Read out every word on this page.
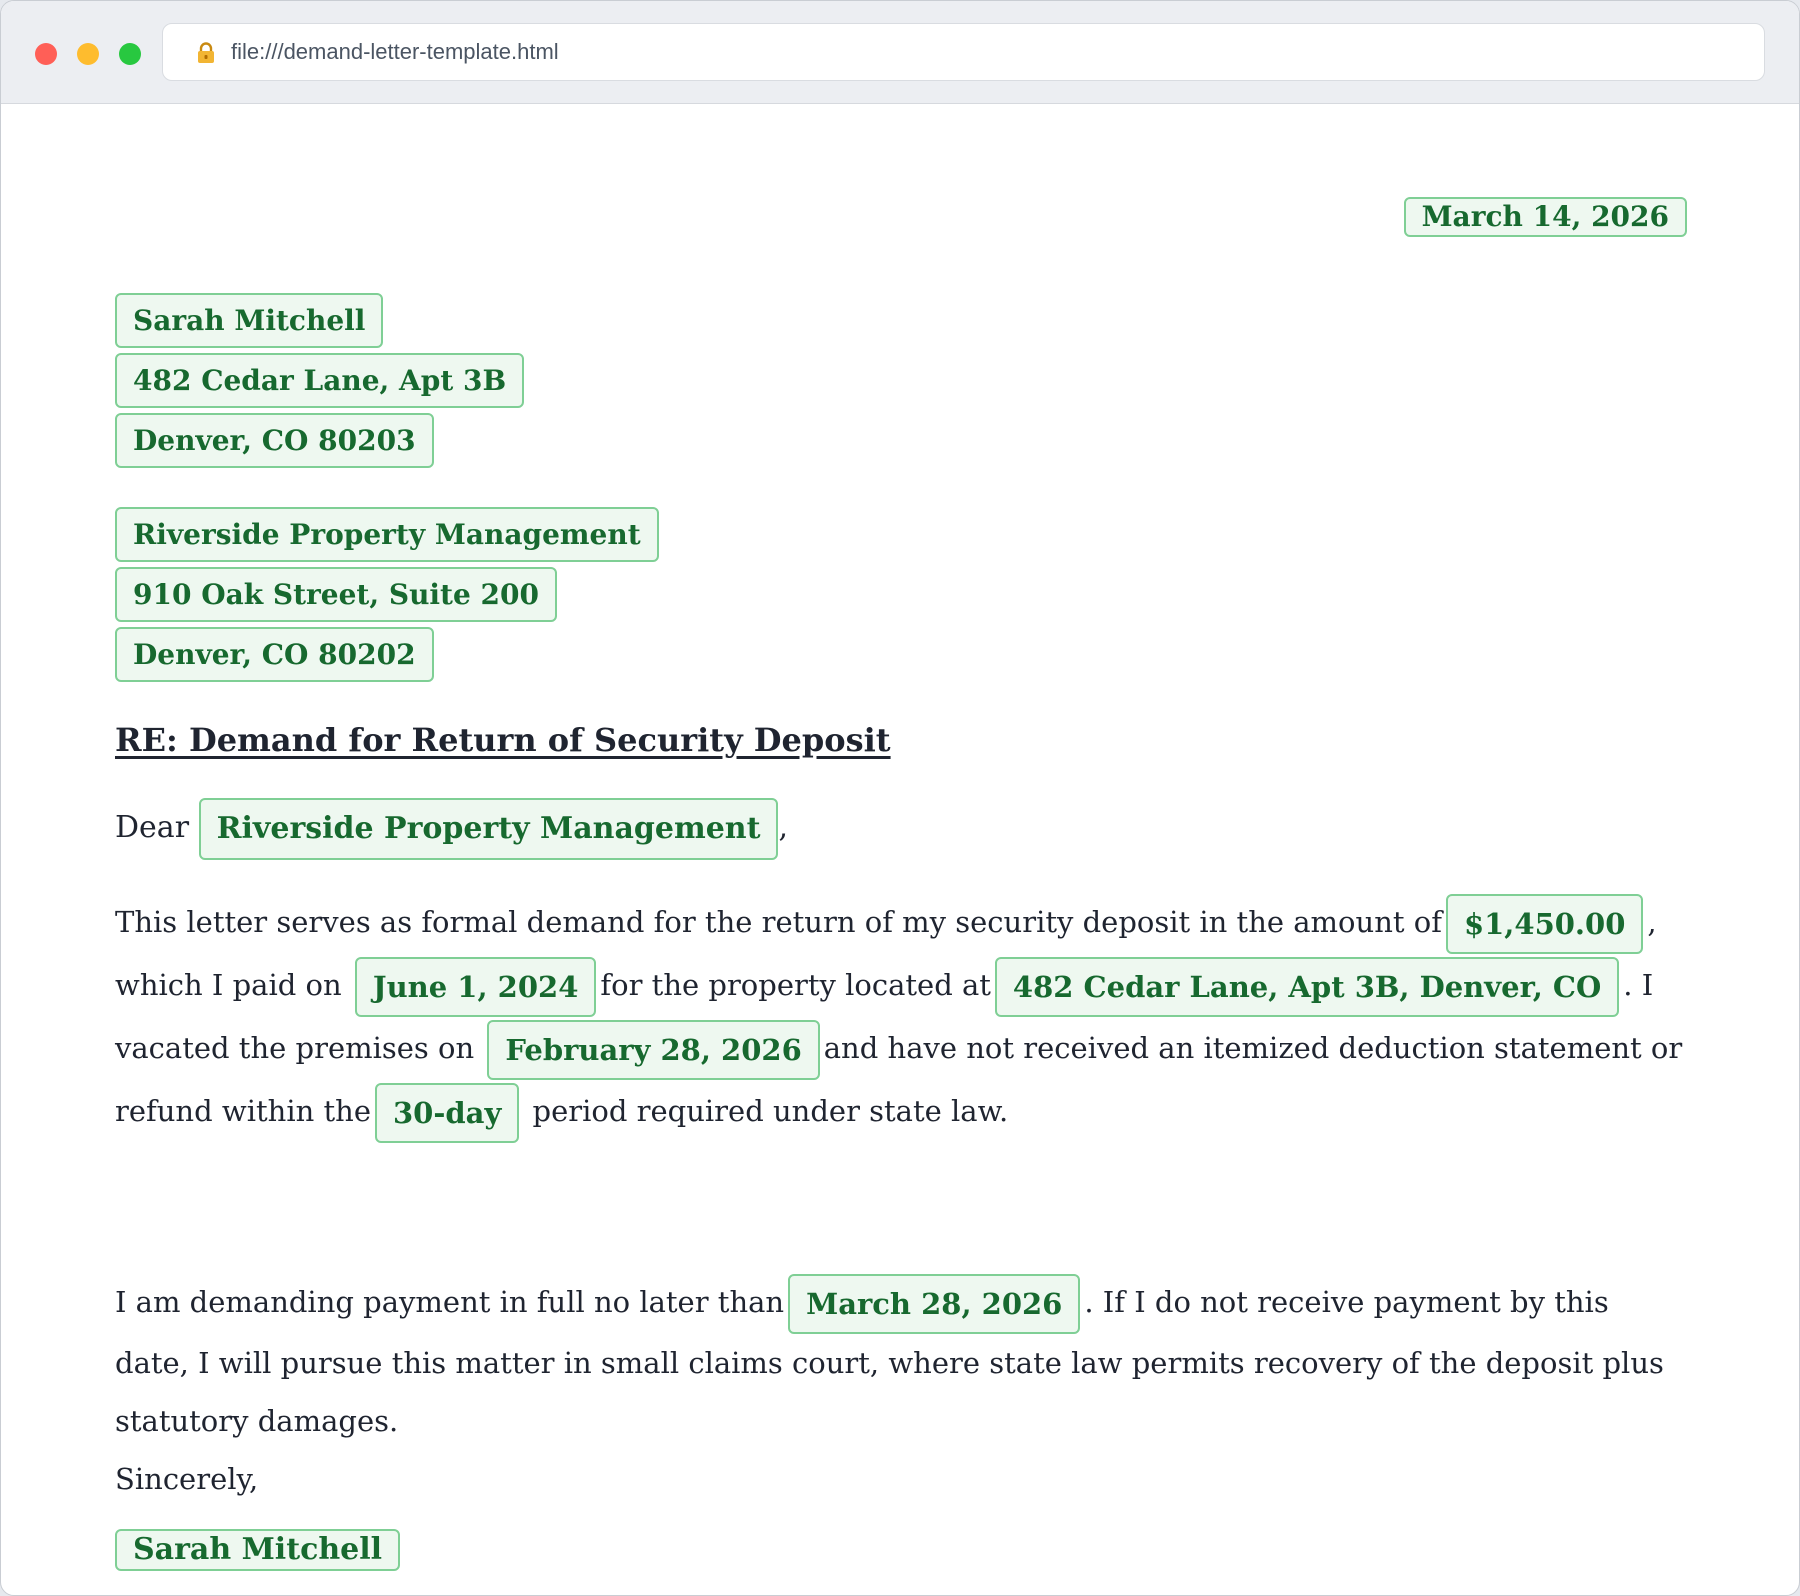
file:///demand-letter-template.html
March 14, 2026
Sarah Mitchell
482 Cedar Lane, Apt 3B
Denver, CO 80203
Riverside Property Management
910 Oak Street, Suite 200
Denver, CO 80202
RE: Demand for Return of Security Deposit
Dear Riverside Property Management ,
This letter serves as formal demand for the return of my security deposit in the amount of $1,450.00 , which I paid on June 1, 2024 for the property located at 482 Cedar Lane, Apt 3B, Denver, CO . I vacated the premises on February 28, 2026 and have not received an itemized deduction statement or refund within the 30-day period required under state law.
I am demanding payment in full no later than March 28, 2026 . If I do not receive payment by this date, I will pursue this matter in small claims court, where state law permits recovery of the deposit plus statutory damages.
Sincerely,
Sarah Mitchell
